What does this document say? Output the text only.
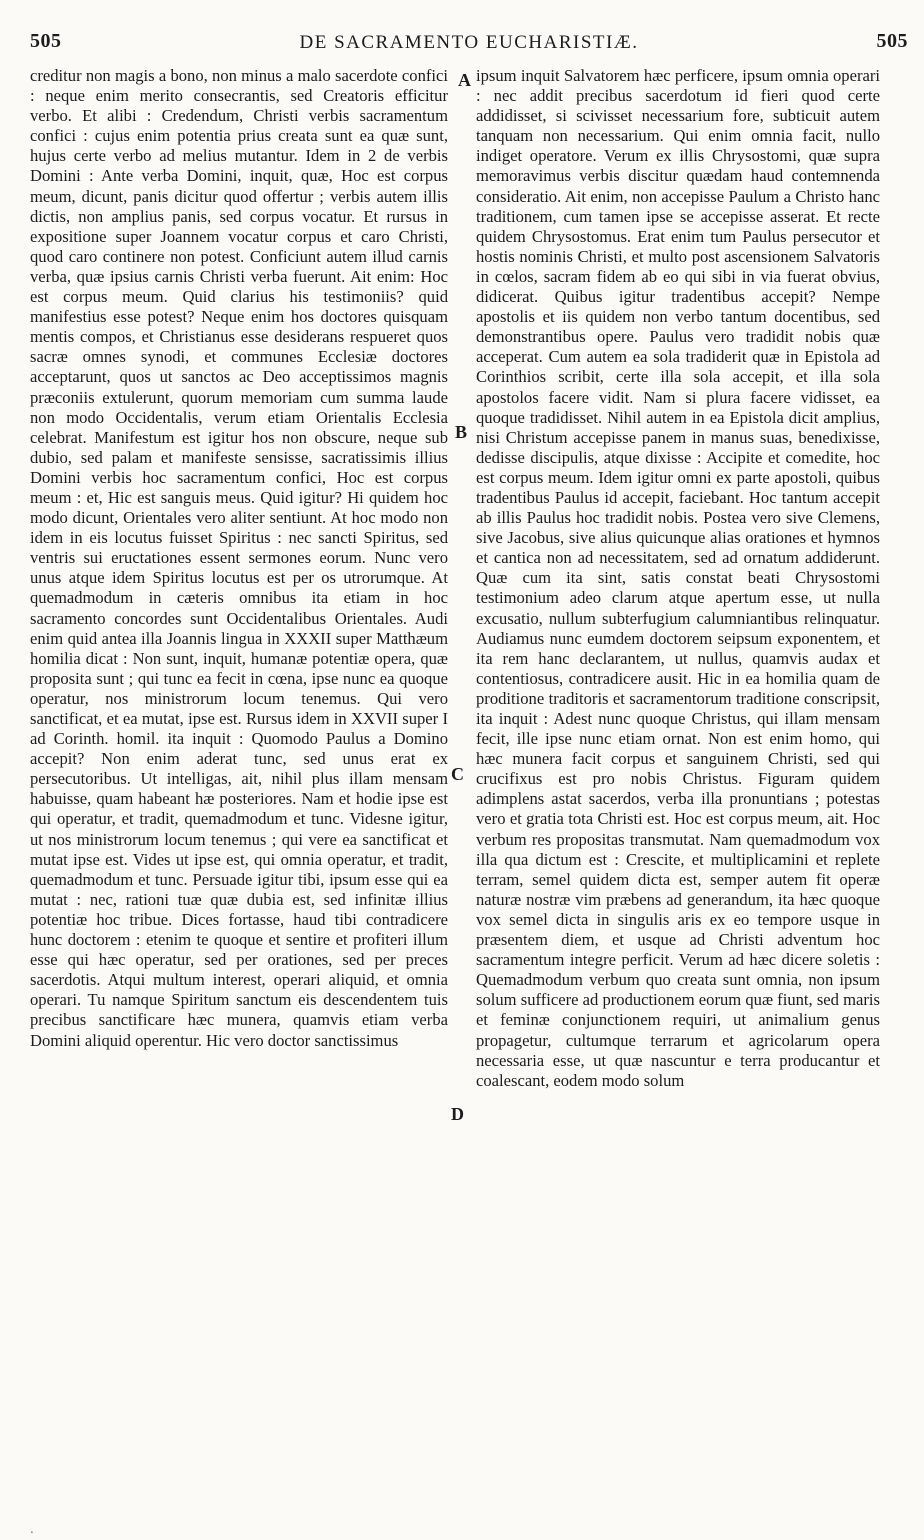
505	DE SACRAMENTO EUCHARISTIÆ.	505

creditur non magis a bono, non minus a malo sacerdote confici : neque enim merito consecrantis, sed Creatoris efficitur verbo. Et alibi : Credendum, Christi verbis sacramentum confici : cujus enim potentia prius creata sunt ea quæ sunt, hujus certe verbo ad melius mutantur. Idem in 2 de verbis Domini : Ante verba Domini, inquit, quæ, Hoc est corpus meum, dicunt, panis dicitur quod offertur ; verbis autem illis dictis, non amplius panis, sed corpus vocatur. Et rursus in expositione super Joannem vocatur corpus et caro Christi, quod caro continere non potest. Conficiunt autem illud carnis verba, quæ ipsius carnis Christi verba fuerunt. Ait enim: Hoc est corpus meum. Quid clarius his testimoniis? quid manifestius esse potest? Neque enim hos doctores quisquam mentis compos, et Christianus esse desiderans respueret quos sacræ omnes synodi, et communes Ecclesiæ doctores acceptarunt, quos ut sanctos ac Deo acceptissimos magnis præconiis extulerunt, quorum memoriam cum summa laude non modo Occidentalis, verum etiam Orientalis Ecclesia celebrat. Manifestum est igitur hos non obscure, neque sub dubio, sed palam et manifeste sensisse, sacratissimis illius Domini verbis hoc sacramentum confici, Hoc est corpus meum : et, Hic est sanguis meus. Quid igitur? Hi quidem hoc modo dicunt, Orientales vero aliter sentiunt. At hoc modo non idem in eis locutus fuisset Spiritus : nec sancti Spiritus, sed ventris sui eructationes essent sermones eorum. Nunc vero unus atque idem Spiritus locutus est per os utrorumque. At quemadmodum in cæteris omnibus ita etiam in hoc sacramento concordes sunt Occidentalibus Orientales. Audi enim quid antea illa Joannis lingua in XXXII super Matthæum homilia dicat : Non sunt, inquit, humanæ potentiæ opera, quæ proposita sunt ; qui tunc ea fecit in cœna, ipse nunc ea quoque operatur, nos ministrorum locum tenemus. Qui vero sanctificat, et ea mutat, ipse est. Rursus idem in XXVII super I ad Corinth. homil. ita inquit : Quomodo Paulus a Domino accepit? Non enim aderat tunc, sed unus erat ex persecutoribus. Ut intelligas, ait, nihil plus illam mensam habuisse, quam habeant hæ posteriores. Nam et hodie ipse est qui operatur, et tradit, quemadmodum et tunc. Videsne igitur, ut nos ministrorum locum tenemus ; qui vere ea sanctificat et mutat ipse est. Vides ut ipse est, qui omnia operatur, et tradit, quemadmodum et tunc. Persuade igitur tibi, ipsum esse qui ea mutat : nec, rationi tuæ quæ dubia est, sed infinitæ illius potentiæ hoc tribue. Dices fortasse, haud tibi contradicere hunc doctorem : etenim te quoque et sentire et profiteri illum esse qui hæc operatur, sed per orationes, sed per preces sacerdotis. Atqui multum interest, operari aliquid, et omnia operari. Tu namque Spiritum sanctum eis descendentem tuis precibus sanctificare hæc munera, quamvis etiam verba Domini aliquid operentur. Hic vero doctor sanctissimus

A
B
C
D

ipsum inquit Salvatorem hæc perficere, ipsum omnia operari : nec addit precibus sacerdotum id fieri quod certe addidisset, si scivisset necessarium fore, subticuit autem tanquam non necessarium. Qui enim omnia facit, nullo indiget operatore. Verum ex illis Chrysostomi, quæ supra memoravimus verbis discitur quædam haud contemnenda consideratio. Ait enim, non accepisse Paulum a Christo hanc traditionem, cum tamen ipse se accepisse asserat. Et recte quidem Chrysostomus. Erat enim tum Paulus persecutor et hostis nominis Christi, et multo post ascensionem Salvatoris in cœlos, sacram fidem ab eo qui sibi in via fuerat obvius, didicerat. Quibus igitur tradentibus accepit? Nempe apostolis et iis quidem non verbo tantum docentibus, sed demonstrantibus opere. Paulus vero tradidit nobis quæ acceperat. Cum autem ea sola tradiderit quæ in Epistola ad Corinthios scribit, certe illa sola accepit, et illa sola apostolos facere vidit. Nam si plura facere vidisset, ea quoque tradidisset. Nihil autem in ea Epistola dicit amplius, nisi Christum accepisse panem in manus suas, benedixisse, dedisse discipulis, atque dixisse : Accipite et comedite, hoc est corpus meum. Idem igitur omni ex parte apostoli, quibus tradentibus Paulus id accepit, faciebant. Hoc tantum accepit ab illis Paulus hoc tradidit nobis. Postea vero sive Clemens, sive Jacobus, sive alius quicunque alias orationes et hymnos et cantica non ad necessitatem, sed ad ornatum addiderunt. Quæ cum ita sint, satis constat beati Chrysostomi testimonium adeo clarum atque apertum esse, ut nulla excusatio, nullum subterfugium calumniantibus relinquatur. Audiamus nunc eumdem doctorem seipsum exponentem, et ita rem hanc declarantem, ut nullus, quamvis audax et contentiosus, contradicere ausit. Hic in ea homilia quam de proditione traditoris et sacramentorum traditione conscripsit, ita inquit : Adest nunc quoque Christus, qui illam mensam fecit, ille ipse nunc etiam ornat. Non est enim homo, qui hæc munera facit corpus et sanguinem Christi, sed qui crucifixus est pro nobis Christus. Figuram quidem adimplens astat sacerdos, verba illa pronuntians ; potestas vero et gratia tota Christi est. Hoc est corpus meum, ait. Hoc verbum res propositas transmutat. Nam quemadmodum vox illa qua dictum est : Crescite, et multiplicamini et replete terram, semel quidem dicta est, semper autem fit operæ naturæ nostræ vim præbens ad generandum, ita hæc quoque vox semel dicta in singulis aris ex eo tempore usque in præsentem diem, et usque ad Christi adventum hoc sacramentum integre perficit. Verum ad hæc dicere soletis : Quemadmodum verbum quo creata sunt omnia, non ipsum solum sufficere ad productionem eorum quæ fiunt, sed maris et feminæ conjunctionem requiri, ut animalium genus propagetur, cultumque terrarum et agricolarum opera necessaria esse, ut quæ nascuntur e terra producantur et coalescant, eodem modo solum

.
